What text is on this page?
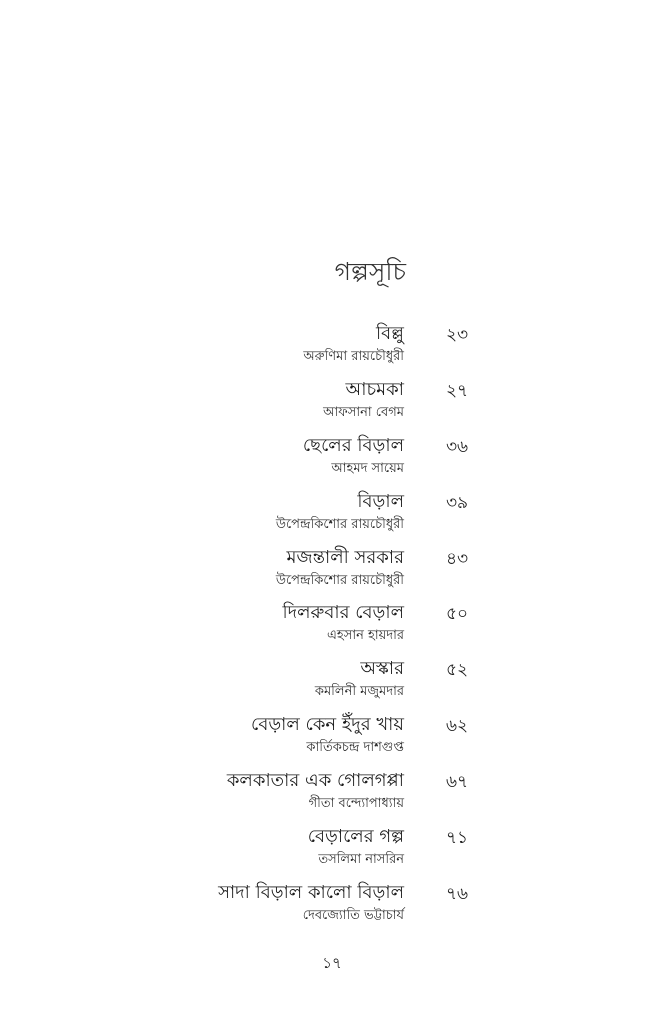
গল্পসূচি
বিল্লু
অরুণিমা রায়চৌধুরী
২৩
আচমকা
আফসানা বেগম
২৭
ছেলের বিড়াল
আহমদ সায়েম
৩৬
বিড়াল
উপেন্দ্রকিশোর রায়চৌধুরী
৩৯
মজন্তালী সরকার
উপেন্দ্রকিশোর রায়চৌধুরী
৪৩
দিলরুবার বেড়াল
এহসান হায়দার
৫০
অস্কার
কমলিনী মজুমদার
৫২
বেড়াল কেন ইঁদুর খায়
কার্তিকচন্দ্র দাশগুপ্ত
৬২
কলকাতার এক গোলগপ্পা
গীতা বন্দ্যোপাধ্যায়
৬৭
বেড়ালের গল্প
তসলিমা নাসরিন
৭১
সাদা বিড়াল কালো বিড়াল
দেবজ্যোতি ভট্টাচার্য
৭৬
১৭
